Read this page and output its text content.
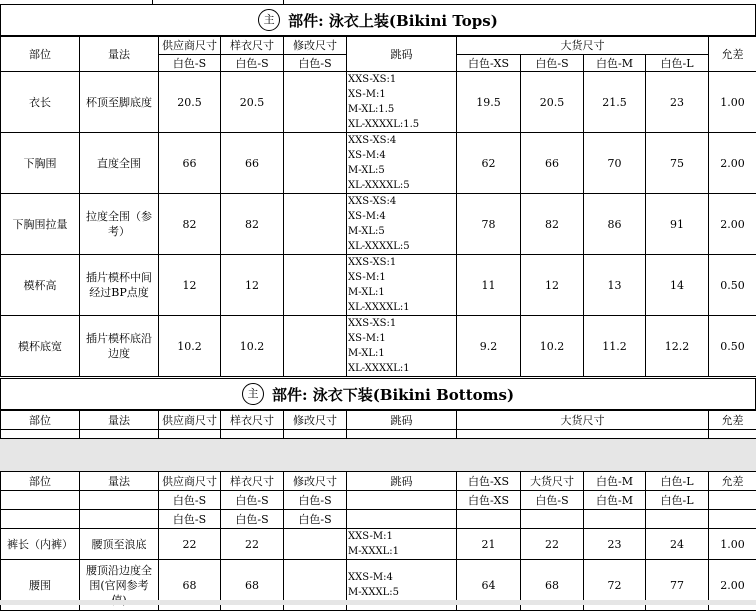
主 部件: 泳衣上装(Bikini Tops)
部位	量法	供应商尺寸	样衣尺寸	修改尺寸	跳码	大货尺寸				允差
		白色-S	白色-S	白色-S		白色-XS	白色-S	白色-M	白色-L	
衣长	杯顶至脚底度	20.5	20.5		XXS-XS:1
XS-M:1
M-XL:1.5
XL-XXXXL:1.5	19.5	20.5	21.5	23	1.00
下胸围	直度全围	66	66		XXS-XS:4
XS-M:4
M-XL:5
XL-XXXXL:5	62	66	70	75	2.00
下胸围拉量	拉度全围（参考）	82	82		XXS-XS:4
XS-M:4
M-XL:5
XL-XXXXL:5	78	82	86	91	2.00
模杯高	插片模杯中间经过BP点度	12	12		XXS-XS:1
XS-M:1
M-XL:1
XL-XXXXL:1	11	12	13	14	0.50
模杯底宽	插片模杯底沿边度	10.2	10.2		XXS-XS:1
XS-M:1
M-XL:1
XL-XXXXL:1	9.2	10.2	11.2	12.2	0.50
主 部件: 泳衣下装(Bikini Bottoms)
部位	量法	供应商尺寸	样衣尺寸	修改尺寸	跳码	大货尺寸	允差

部位	量法	供应商尺寸	样衣尺寸	修改尺寸	跳码	白色-XS	大货尺寸	白色-M	白色-L	允差
		白色-S	白色-S	白色-S		白色-XS	白色-S	白色-M	白色-L	
		白色-S	白色-S	白色-S						
裤长（内裤）	腰顶至浪底	22	22		XXS-M:1
M-XXXL:1	21	22	23	24	1.00
腰围	腰顶沿边度全围(官网参考	68	68		XXS-M:4
M-XXXL:5	64	68	72	77	2.00
